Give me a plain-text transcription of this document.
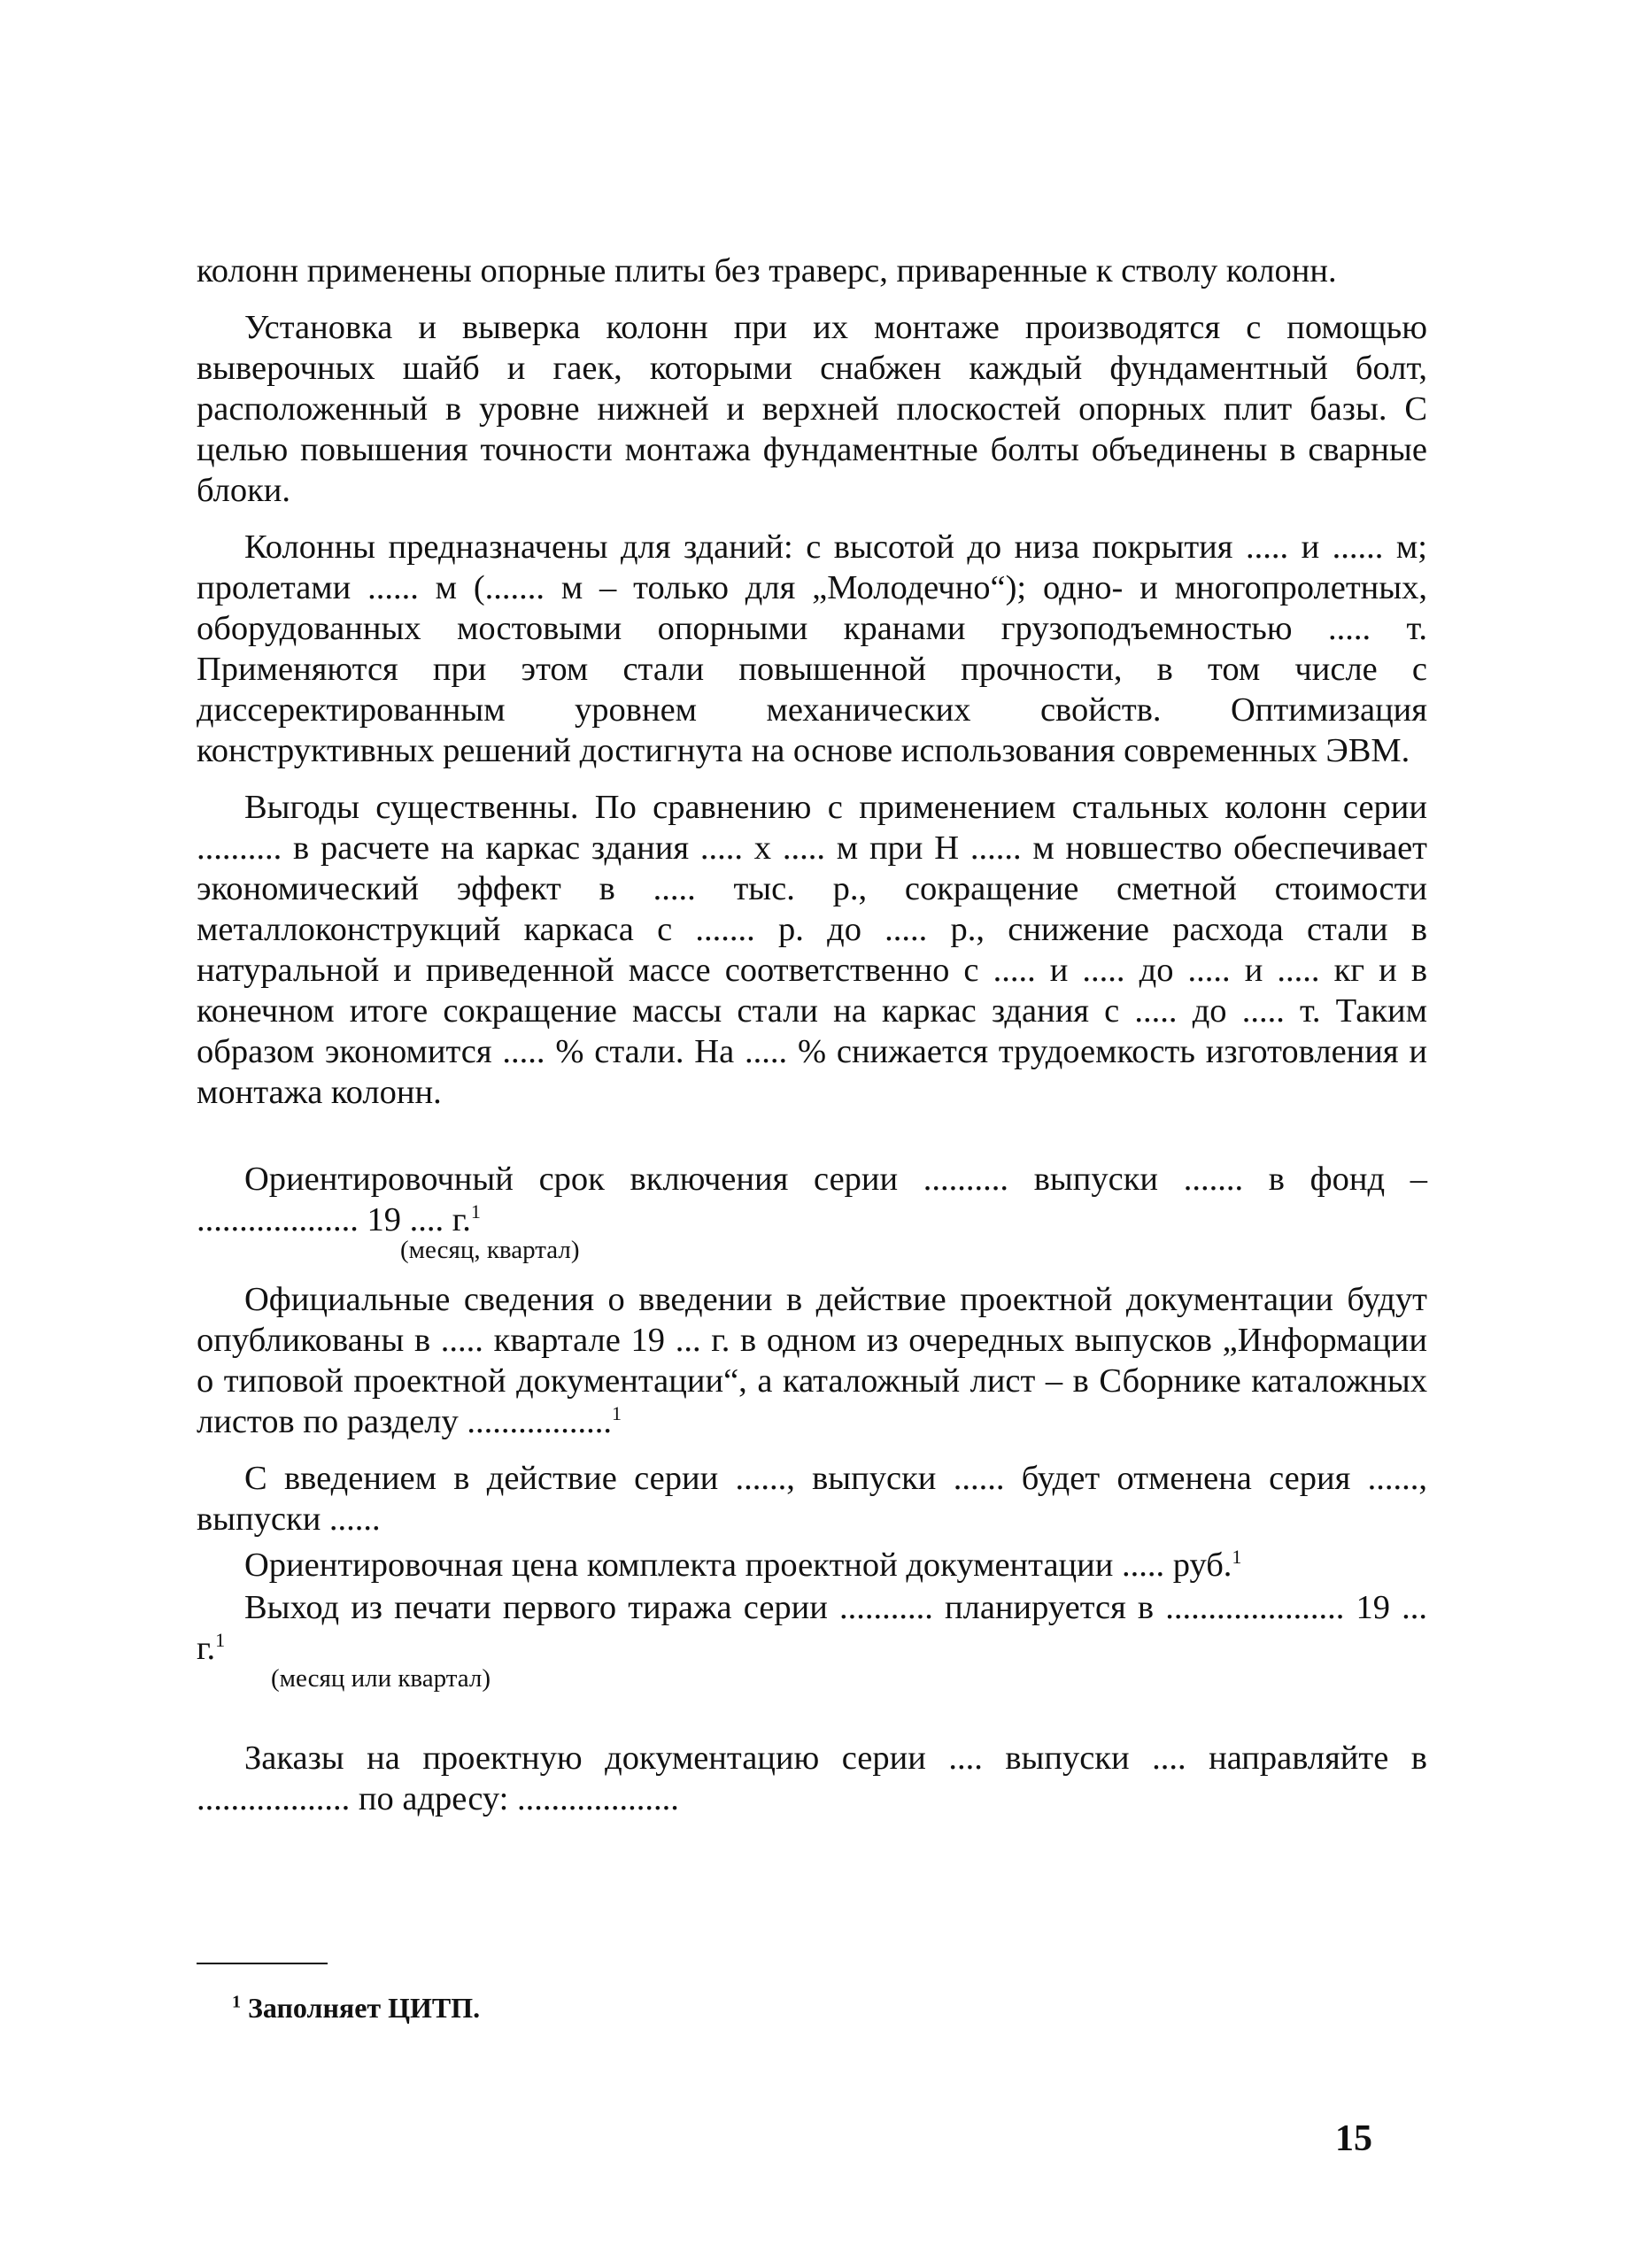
колонн применены опорные плиты без траверс, приваренные к стволу колонн.

Установка и выверка колонн при их монтаже производятся с помощью выверочных шайб и гаек, которыми снабжен каждый фундаментный болт, расположенный в уровне нижней и верхней плоскостей опорных плит базы. С целью повышения точности монтажа фундаментные болты объединены в сварные блоки.

Колонны предназначены для зданий: с высотой до низа покрытия ..... и ...... м; пролетами ...... м (....... м – только для „Молодечно“); одно- и многопролетных, оборудованных мостовыми опорными кранами грузоподъемностью ..... т. Применяются при этом стали повышенной прочности, в том числе с диссеректированным уровнем механических свойств. Оптимизация конструктивных решений достигнута на основе использования современных ЭВМ.

Выгоды существенны. По сравнению с применением стальных колонн серии .......... в расчете на каркас здания ..... х ..... м при Н ...... м новшество обеспечивает экономический эффект в ..... тыс. р., сокращение сметной стоимости металлоконструкций каркаса с ....... р. до ..... р., снижение расхода стали в натуральной и приведенной массе соответственно с ..... и ..... до ..... и ..... кг и в конечном итоге сокращение массы стали на каркас здания с ..... до ..... т. Таким образом экономится ..... % стали. На ..... % снижается трудоемкость изготовления и монтажа колонн.

Ориентировочный срок включения серии .......... выпуски ....... в фонд – ................... 19 .... г.$^1$
(месяц, квартал)

Официальные сведения о введении в действие проектной документации будут опубликованы в ..... квартале 19 ... г. в одном из очередных выпусков „Информации о типовой проектной документации“, а каталожный лист – в Сборнике каталожных листов по разделу .................$^1$

С введением в действие серии ......, выпуски ...... будет отменена серия ......, выпуски ......

Ориентировочная цена комплекта проектной документации ..... руб.$^1$

Выход из печати первого тиража серии ........... планируется в ..................... 19 ... г.$^1$
(месяц или квартал)

Заказы на проектную документацию серии .... выпуски .... направляйте в .................. по адресу: ...................

$^1$ Заполняет ЦИТП.

15
